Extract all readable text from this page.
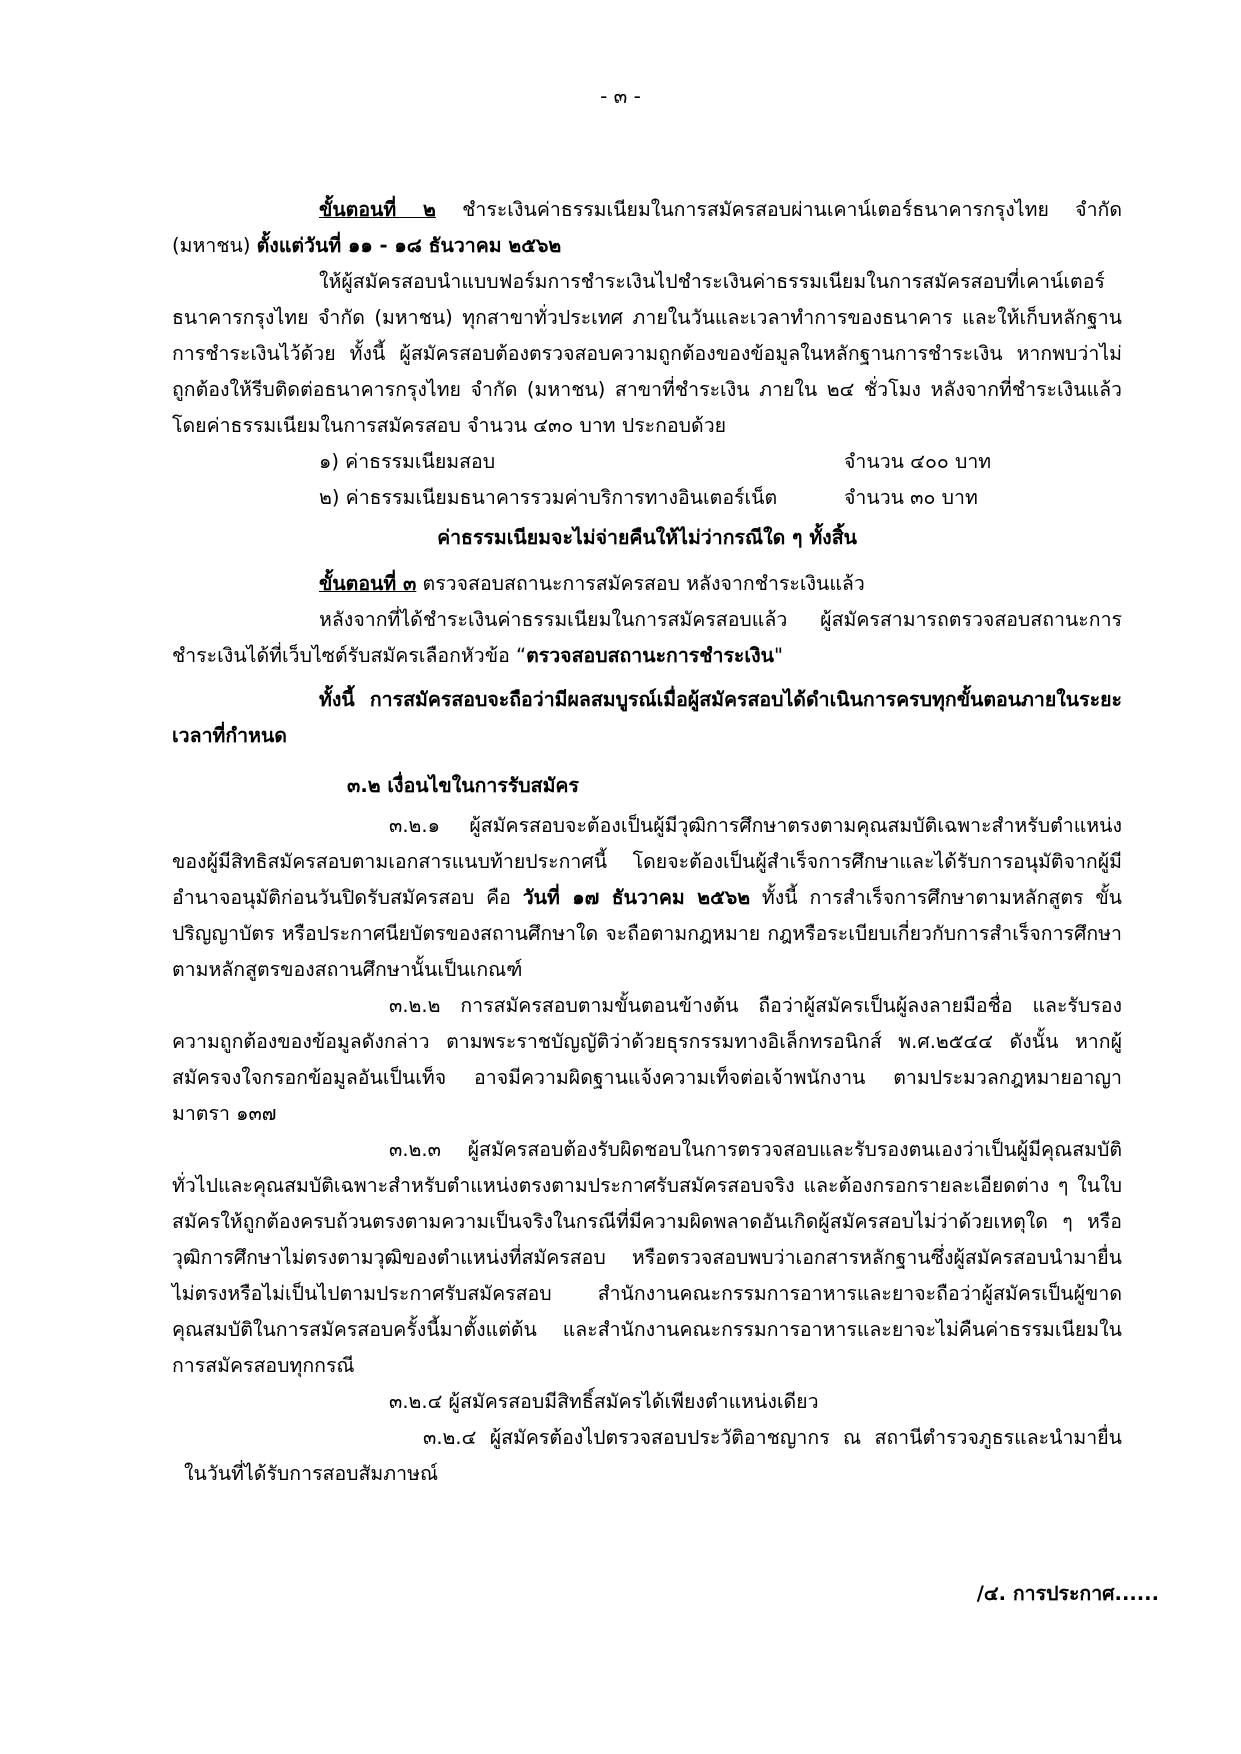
- ๓ -

ขั้นตอนที่ ๒ ชำระเงินค่าธรรมเนียมในการสมัครสอบผ่านเคาน์เตอร์ธนาคารกรุงไทย จำกัด (มหาชน) ตั้งแต่วันที่ ๑๑ - ๑๘ ธันวาคม ๒๕๖๒

ให้ผู้สมัครสอบนำแบบฟอร์มการชำระเงินไปชำระเงินค่าธรรมเนียมในการสมัครสอบที่เคาน์เตอร์ธนาคารกรุงไทย จำกัด (มหาชน) ทุกสาขาทั่วประเทศ ภายในวันและเวลาทำการของธนาคาร และให้เก็บหลักฐานการชำระเงินไว้ด้วย ทั้งนี้ ผู้สมัครสอบต้องตรวจสอบความถูกต้องของข้อมูลในหลักฐานการชำระเงิน หากพบว่าไม่ถูกต้องให้รีบติดต่อธนาคารกรุงไทย จำกัด (มหาชน) สาขาที่ชำระเงิน ภายใน ๒๔ ชั่วโมง หลังจากที่ชำระเงินแล้ว โดยค่าธรรมเนียมในการสมัครสอบ จำนวน ๔๓๐ บาท ประกอบด้วย

๑) ค่าธรรมเนียมสอบ	จำนวน ๔๐๐ บาท
๒) ค่าธรรมเนียมธนาคารรวมค่าบริการทางอินเตอร์เน็ต	จำนวน ๓๐ บาท

ค่าธรรมเนียมจะไม่จ่ายคืนให้ไม่ว่ากรณีใด ๆ ทั้งสิ้น

ขั้นตอนที่ ๓ ตรวจสอบสถานะการสมัครสอบ หลังจากชำระเงินแล้ว

หลังจากที่ได้ชำระเงินค่าธรรมเนียมในการสมัครสอบแล้ว ผู้สมัครสามารถตรวจสอบสถานะการชำระเงินได้ที่เว็บไซต์รับสมัครเลือกหัวข้อ “ตรวจสอบสถานะการชำระเงิน"

ทั้งนี้ การสมัครสอบจะถือว่ามีผลสมบูรณ์เมื่อผู้สมัครสอบได้ดำเนินการครบทุกขั้นตอนภายในระยะเวลาที่กำหนด

๓.๒ เงื่อนไขในการรับสมัคร

๓.๒.๑ ผู้สมัครสอบจะต้องเป็นผู้มีวุฒิการศึกษาตรงตามคุณสมบัติเฉพาะสำหรับตำแหน่งของผู้มีสิทธิสมัครสอบตามเอกสารแนบท้ายประกาศนี้ โดยจะต้องเป็นผู้สำเร็จการศึกษาและได้รับการอนุมัติจากผู้มีอำนาจอนุมัติก่อนวันปิดรับสมัครสอบ คือ วันที่ ๑๗ ธันวาคม ๒๕๖๒ ทั้งนี้ การสำเร็จการศึกษาตามหลักสูตร ขั้นปริญญาบัตร หรือประกาศนียบัตรของสถานศึกษาใด จะถือตามกฎหมาย กฎหรือระเบียบเกี่ยวกับการสำเร็จการศึกษาตามหลักสูตรของสถานศึกษานั้นเป็นเกณฑ์

๓.๒.๒ การสมัครสอบตามขั้นตอนข้างต้น ถือว่าผู้สมัครเป็นผู้ลงลายมือชื่อ และรับรองความถูกต้องของข้อมูลดังกล่าว ตามพระราชบัญญัติว่าด้วยธุรกรรมทางอิเล็กทรอนิกส์ พ.ศ.๒๕๔๔ ดังนั้น หากผู้สมัครจงใจกรอกข้อมูลอันเป็นเท็จ อาจมีความผิดฐานแจ้งความเท็จต่อเจ้าพนักงาน ตามประมวลกฎหมายอาญามาตรา ๑๓๗

๓.๒.๓ ผู้สมัครสอบต้องรับผิดชอบในการตรวจสอบและรับรองตนเองว่าเป็นผู้มีคุณสมบัติทั่วไปและคุณสมบัติเฉพาะสำหรับตำแหน่งตรงตามประกาศรับสมัครสอบจริง และต้องกรอกรายละเอียดต่าง ๆ ในใบสมัครให้ถูกต้องครบถ้วนตรงตามความเป็นจริงในกรณีที่มีความผิดพลาดอันเกิดผู้สมัครสอบไม่ว่าด้วยเหตุใด ๆ หรือวุฒิการศึกษาไม่ตรงตามวุฒิของตำแหน่งที่สมัครสอบ หรือตรวจสอบพบว่าเอกสารหลักฐานซึ่งผู้สมัครสอบนำมายื่นไม่ตรงหรือไม่เป็นไปตามประกาศรับสมัครสอบ สำนักงานคณะกรรมการอาหารและยาจะถือว่าผู้สมัครเป็นผู้ขาดคุณสมบัติในการสมัครสอบครั้งนี้มาตั้งแต่ต้น และสำนักงานคณะกรรมการอาหารและยาจะไม่คืนค่าธรรมเนียมในการสมัครสอบทุกกรณี

๓.๒.๔ ผู้สมัครสอบมีสิทธิ์สมัครได้เพียงตำแหน่งเดียว

๓.๒.๔ ผู้สมัครต้องไปตรวจสอบประวัติอาชญากร ณ สถานีตำรวจภูธรและนำมายื่นในวันที่ได้รับการสอบสัมภาษณ์

/๔. การประกาศ......
